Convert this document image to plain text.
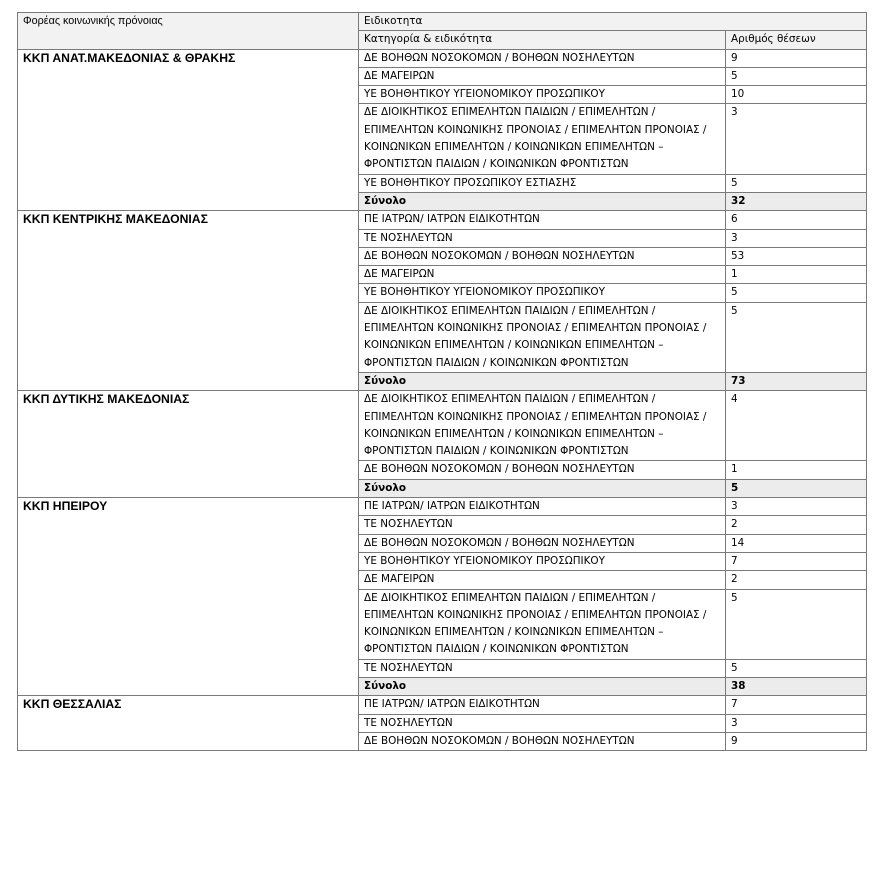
Φορέας κοινωνικής πρόνοιας	Ειδικοτητα	
	Κατηγορία & ειδικότητα	Αριθμός θέσεων
ΚΚΠ ΑΝΑΤ.ΜΑΚΕΔΟΝΙΑΣ & ΘΡΑΚΗΣ	ΔΕ ΒΟΗΘΩΝ ΝΟΣΟΚΟΜΩΝ / ΒΟΗΘΩΝ ΝΟΣΗΛΕΥΤΩΝ	9
	ΔΕ ΜΑΓΕΙΡΩΝ	5
	ΥΕ ΒΟΗΘΗΤΙΚΟΥ ΥΓΕΙΟΝΟΜΙΚΟΥ ΠΡΟΣΩΠΙΚΟΥ	10
	ΔΕ ΔΙΟΙΚΗΤΙΚΟΣ ΕΠΙΜΕΛΗΤΩΝ ΠΑΙΔΙΩΝ / ΕΠΙΜΕΛΗΤΩΝ / ΕΠΙΜΕΛΗΤΩΝ ΚΟΙΝΩΝΙΚΗΣ ΠΡΟΝΟΙΑΣ / ΕΠΙΜΕΛΗΤΩΝ ΠΡΟΝΟΙΑΣ / ΚΟΙΝΩΝΙΚΩΝ ΕΠΙΜΕΛΗΤΩΝ / ΚΟΙΝΩΝΙΚΩΝ ΕΠΙΜΕΛΗΤΩΝ – ΦΡΟΝΤΙΣΤΩΝ ΠΑΙΔΙΩΝ / ΚΟΙΝΩΝΙΚΩΝ ΦΡΟΝΤΙΣΤΩΝ	3
	ΥΕ ΒΟΗΘΗΤΙΚΟΥ ΠΡΟΣΩΠΙΚΟΥ ΕΣΤΙΑΣΗΣ	5
	Σύνολο	32
ΚΚΠ ΚΕΝΤΡΙΚΗΣ ΜΑΚΕΔΟΝΙΑΣ	ΠΕ ΙΑΤΡΩΝ/ ΙΑΤΡΩΝ ΕΙΔΙΚΟΤΗΤΩΝ	6
	ΤΕ ΝΟΣΗΛΕΥΤΩΝ	3
	ΔΕ ΒΟΗΘΩΝ ΝΟΣΟΚΟΜΩΝ / ΒΟΗΘΩΝ ΝΟΣΗΛΕΥΤΩΝ	53
	ΔΕ ΜΑΓΕΙΡΩΝ	1
	ΥΕ ΒΟΗΘΗΤΙΚΟΥ ΥΓΕΙΟΝΟΜΙΚΟΥ ΠΡΟΣΩΠΙΚΟΥ	5
	ΔΕ ΔΙΟΙΚΗΤΙΚΟΣ ΕΠΙΜΕΛΗΤΩΝ ΠΑΙΔΙΩΝ / ΕΠΙΜΕΛΗΤΩΝ / ΕΠΙΜΕΛΗΤΩΝ ΚΟΙΝΩΝΙΚΗΣ ΠΡΟΝΟΙΑΣ / ΕΠΙΜΕΛΗΤΩΝ ΠΡΟΝΟΙΑΣ / ΚΟΙΝΩΝΙΚΩΝ ΕΠΙΜΕΛΗΤΩΝ / ΚΟΙΝΩΝΙΚΩΝ ΕΠΙΜΕΛΗΤΩΝ – ΦΡΟΝΤΙΣΤΩΝ ΠΑΙΔΙΩΝ / ΚΟΙΝΩΝΙΚΩΝ ΦΡΟΝΤΙΣΤΩΝ	5
	Σύνολο	73
ΚΚΠ ΔΥΤΙΚΗΣ ΜΑΚΕΔΟΝΙΑΣ	ΔΕ ΔΙΟΙΚΗΤΙΚΟΣ ΕΠΙΜΕΛΗΤΩΝ ΠΑΙΔΙΩΝ / ΕΠΙΜΕΛΗΤΩΝ / ΕΠΙΜΕΛΗΤΩΝ ΚΟΙΝΩΝΙΚΗΣ ΠΡΟΝΟΙΑΣ / ΕΠΙΜΕΛΗΤΩΝ ΠΡΟΝΟΙΑΣ / ΚΟΙΝΩΝΙΚΩΝ ΕΠΙΜΕΛΗΤΩΝ / ΚΟΙΝΩΝΙΚΩΝ ΕΠΙΜΕΛΗΤΩΝ – ΦΡΟΝΤΙΣΤΩΝ ΠΑΙΔΙΩΝ / ΚΟΙΝΩΝΙΚΩΝ ΦΡΟΝΤΙΣΤΩΝ	4
	ΔΕ ΒΟΗΘΩΝ ΝΟΣΟΚΟΜΩΝ / ΒΟΗΘΩΝ ΝΟΣΗΛΕΥΤΩΝ	1
	Σύνολο	5
ΚΚΠ ΗΠΕΙΡΟΥ	ΠΕ ΙΑΤΡΩΝ/ ΙΑΤΡΩΝ ΕΙΔΙΚΟΤΗΤΩΝ	3
	ΤΕ ΝΟΣΗΛΕΥΤΩΝ	2
	ΔΕ ΒΟΗΘΩΝ ΝΟΣΟΚΟΜΩΝ / ΒΟΗΘΩΝ ΝΟΣΗΛΕΥΤΩΝ	14
	ΥΕ ΒΟΗΘΗΤΙΚΟΥ ΥΓΕΙΟΝΟΜΙΚΟΥ ΠΡΟΣΩΠΙΚΟΥ	7
	ΔΕ ΜΑΓΕΙΡΩΝ	2
	ΔΕ ΔΙΟΙΚΗΤΙΚΟΣ ΕΠΙΜΕΛΗΤΩΝ ΠΑΙΔΙΩΝ / ΕΠΙΜΕΛΗΤΩΝ / ΕΠΙΜΕΛΗΤΩΝ ΚΟΙΝΩΝΙΚΗΣ ΠΡΟΝΟΙΑΣ / ΕΠΙΜΕΛΗΤΩΝ ΠΡΟΝΟΙΑΣ / ΚΟΙΝΩΝΙΚΩΝ ΕΠΙΜΕΛΗΤΩΝ / ΚΟΙΝΩΝΙΚΩΝ ΕΠΙΜΕΛΗΤΩΝ – ΦΡΟΝΤΙΣΤΩΝ ΠΑΙΔΙΩΝ / ΚΟΙΝΩΝΙΚΩΝ ΦΡΟΝΤΙΣΤΩΝ	5
	ΤΕ ΝΟΣΗΛΕΥΤΩΝ	5
	Σύνολο	38
ΚΚΠ ΘΕΣΣΑΛΙΑΣ	ΠΕ ΙΑΤΡΩΝ/ ΙΑΤΡΩΝ ΕΙΔΙΚΟΤΗΤΩΝ	7
	ΤΕ ΝΟΣΗΛΕΥΤΩΝ	3
	ΔΕ ΒΟΗΘΩΝ ΝΟΣΟΚΟΜΩΝ / ΒΟΗΘΩΝ ΝΟΣΗΛΕΥΤΩΝ	9
